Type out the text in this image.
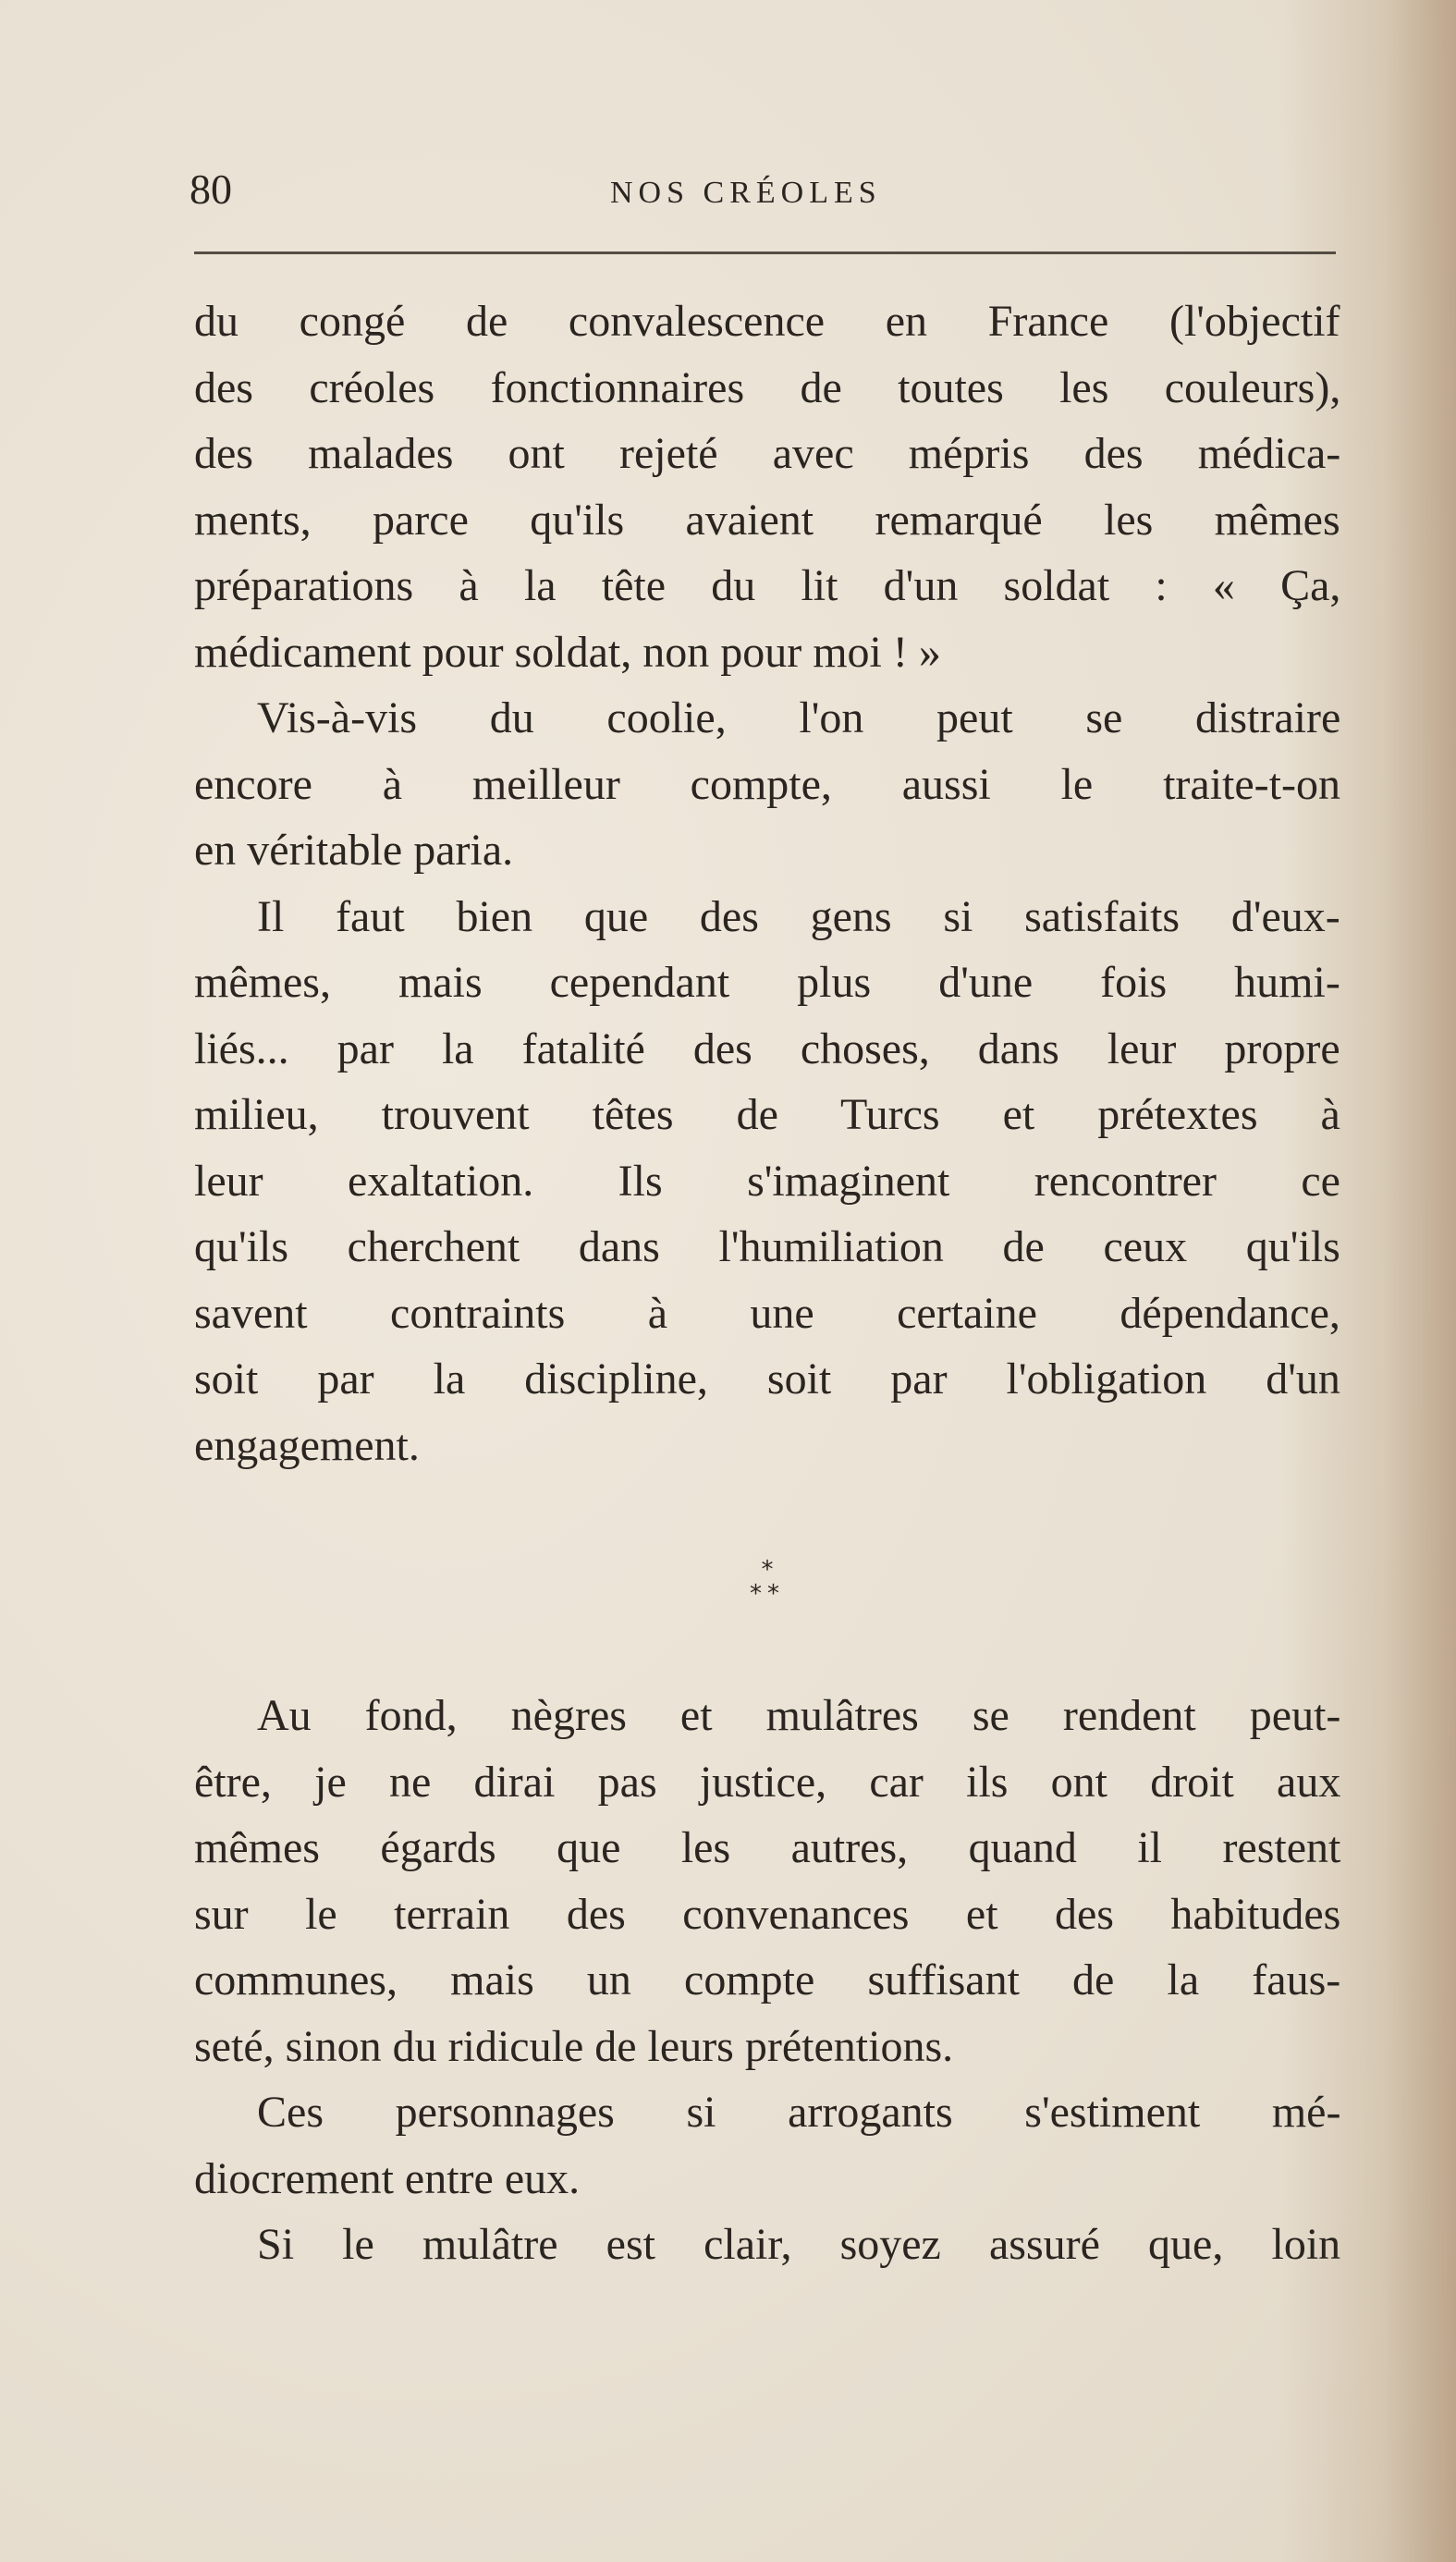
80	NOS CRÉOLES
du congé de convalescence en France (l'objectif
des créoles fonctionnaires de toutes les couleurs),
des malades ont rejeté avec mépris des médica-
ments, parce qu'ils avaient remarqué les mêmes
préparations à la tête du lit d'un soldat : « Ça,
médicament pour soldat, non pour moi ! »
Vis-à-vis du coolie, l'on peut se distraire
encore à meilleur compte, aussi le traite-t-on
en véritable paria.
Il faut bien que des gens si satisfaits d'eux-
mêmes, mais cependant plus d'une fois humi-
liés... par la fatalité des choses, dans leur propre
milieu, trouvent têtes de Turcs et prétextes à
leur exaltation. Ils s'imaginent rencontrer ce
qu'ils cherchent dans l'humiliation de ceux qu'ils
savent contraints à une certaine dépendance,
soit par la discipline, soit par l'obligation d'un
engagement.
*
**
Au fond, nègres et mulâtres se rendent peut-
être, je ne dirai pas justice, car ils ont droit aux
mêmes égards que les autres, quand il restent
sur le terrain des convenances et des habitudes
communes, mais un compte suffisant de la faus-
seté, sinon du ridicule de leurs prétentions.
Ces personnages si arrogants s'estiment mé-
diocrement entre eux.
Si le mulâtre est clair, soyez assuré que, loin
